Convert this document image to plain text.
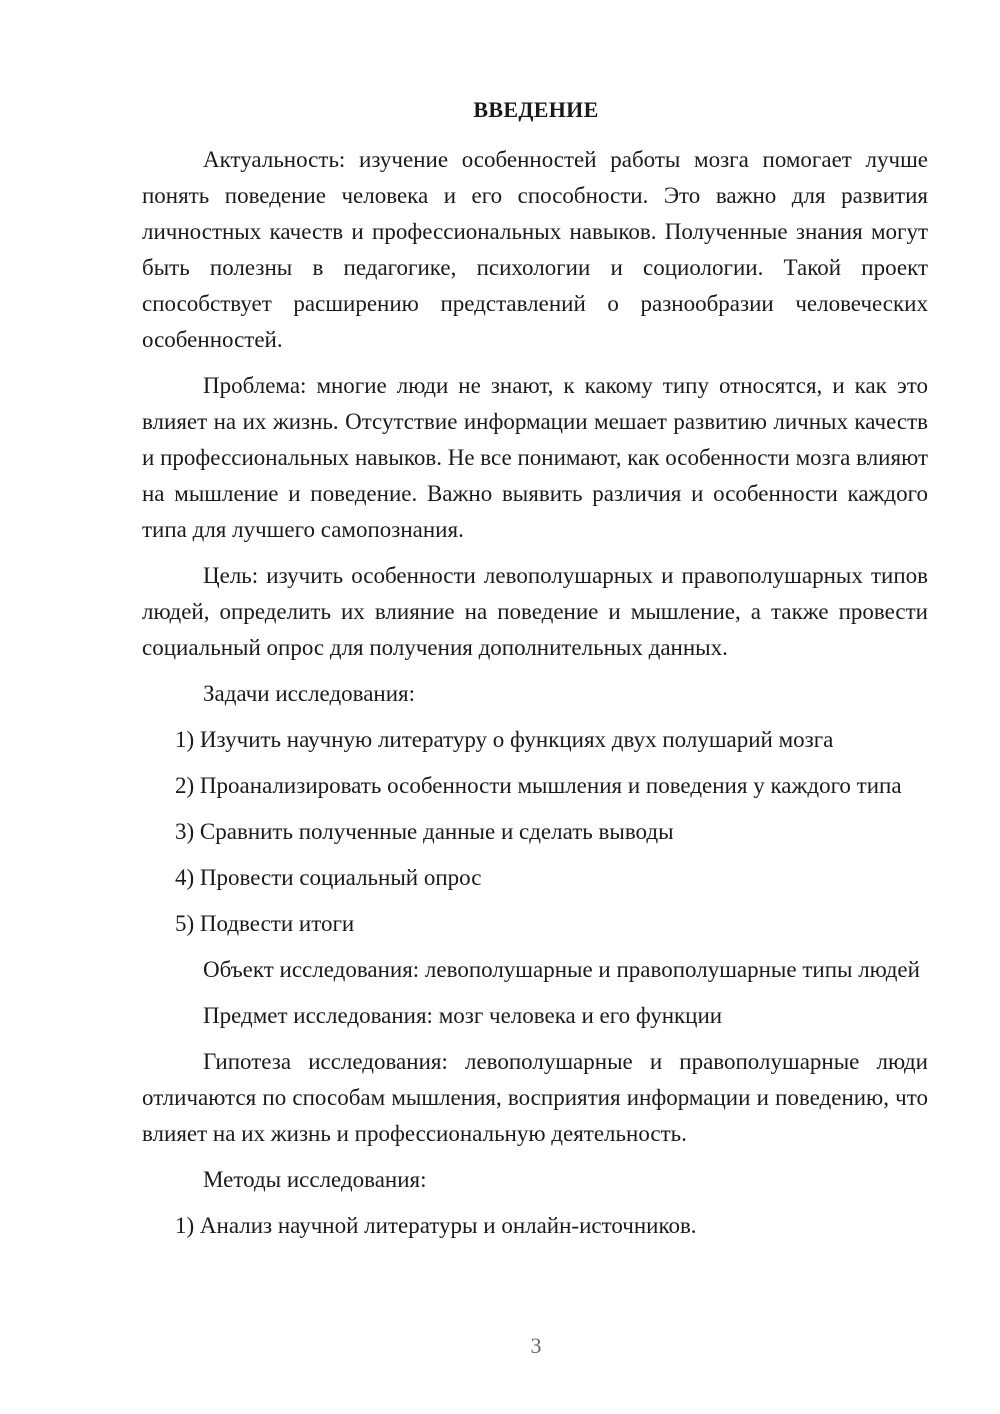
ВВЕДЕНИЕ

Актуальность: изучение особенностей работы мозга помогает лучше понять поведение человека и его способности. Это важно для развития личностных качеств и профессиональных навыков. Полученные знания могут быть полезны в педагогике, психологии и социологии. Такой проект способствует расширению представлений о разнообразии человеческих особенностей.

Проблема: многие люди не знают, к какому типу относятся, и как это влияет на их жизнь. Отсутствие информации мешает развитию личных качеств и профессиональных навыков. Не все понимают, как особенности мозга влияют на мышление и поведение. Важно выявить различия и особенности каждого типа для лучшего самопознания.

Цель: изучить особенности левополушарных и правополушарных типов людей, определить их влияние на поведение и мышление, а также провести социальный опрос для получения дополнительных данных.

Задачи исследования:

1) Изучить научную литературу о функциях двух полушарий мозга

2) Проанализировать особенности мышления и поведения у каждого типа

3) Сравнить полученные данные и сделать выводы

4) Провести социальный опрос

5) Подвести итоги

Объект исследования: левополушарные и правополушарные типы людей

Предмет исследования: мозг человека и его функции

Гипотеза исследования: левополушарные и правополушарные люди отличаются по способам мышления, восприятия информации и поведению, что влияет на их жизнь и профессиональную деятельность.

Методы исследования:

1) Анализ научной литературы и онлайн-источников.

3
